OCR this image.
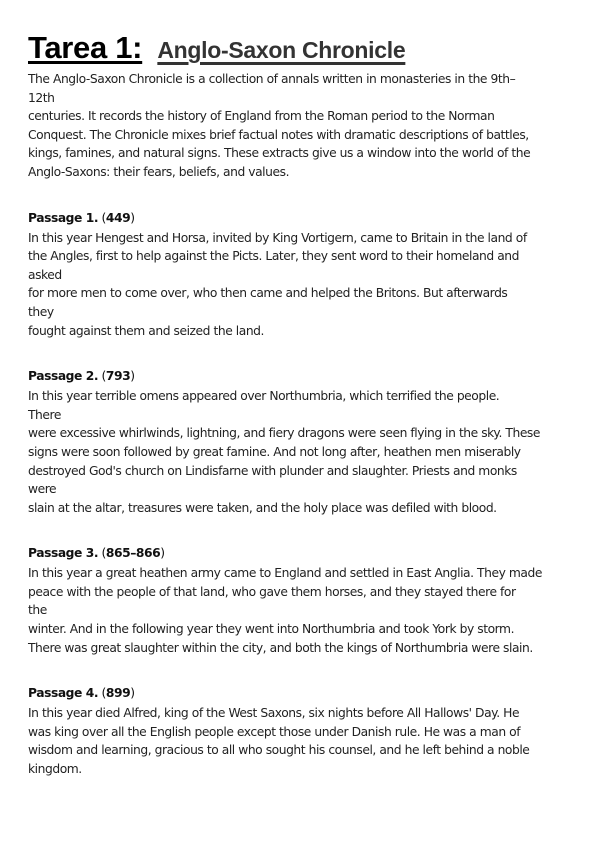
Tarea 1: Anglo-Saxon Chronicle
The Anglo-Saxon Chronicle is a collection of annals written in monasteries in the 9th–
12th
centuries. It records the history of England from the Roman period to the Norman
Conquest. The Chronicle mixes brief factual notes with dramatic descriptions of battles,
kings, famines, and natural signs. These extracts give us a window into the world of the
Anglo-Saxons: their fears, beliefs, and values.
Passage 1. (449)
In this year Hengest and Horsa, invited by King Vortigern, came to Britain in the land of
the Angles, first to help against the Picts. Later, they sent word to their homeland and
asked
for more men to come over, who then came and helped the Britons. But afterwards
they
fought against them and seized the land.
Passage 2. (793)
In this year terrible omens appeared over Northumbria, which terrified the people.
There
were excessive whirlwinds, lightning, and fiery dragons were seen flying in the sky. These
signs were soon followed by great famine. And not long after, heathen men miserably
destroyed God's church on Lindisfarne with plunder and slaughter. Priests and monks
were
slain at the altar, treasures were taken, and the holy place was defiled with blood.
Passage 3. (865–866)
In this year a great heathen army came to England and settled in East Anglia. They made
peace with the people of that land, who gave them horses, and they stayed there for
the
winter. And in the following year they went into Northumbria and took York by storm.
There was great slaughter within the city, and both the kings of Northumbria were slain.
Passage 4. (899)
In this year died Alfred, king of the West Saxons, six nights before All Hallows' Day. He
was king over all the English people except those under Danish rule. He was a man of
wisdom and learning, gracious to all who sought his counsel, and he left behind a noble
kingdom.
